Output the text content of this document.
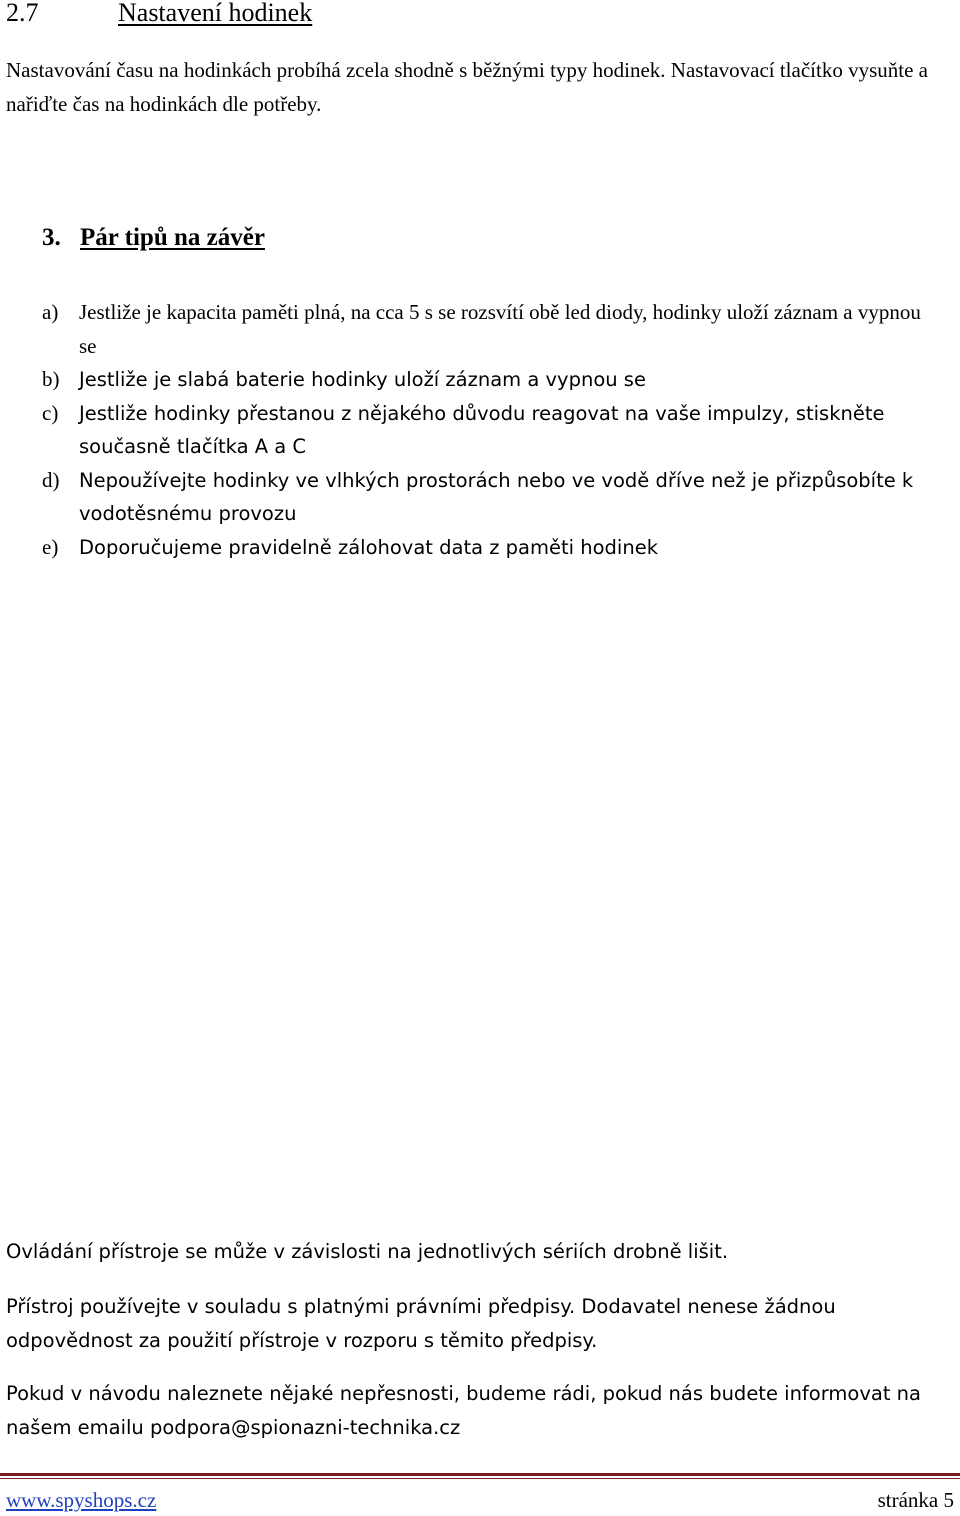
2.7	Nastavení hodinek

Nastavování času na hodinkách probíhá zcela shodně s běžnými typy hodinek. Nastavovací tlačítko vysuňte a nařiďte čas na hodinkách dle potřeby.

3. Pár tipů na závěr
a) Jestliže je kapacita paměti plná, na cca 5 s se rozsvítí obě led diody, hodinky uloží záznam a vypnou se
b) Jestliže je slabá baterie hodinky uloží záznam a vypnou se
c) Jestliže hodinky přestanou z nějakého důvodu reagovat na vaše impulzy, stiskněte současně tlačítka A a C
d) Nepoužívejte hodinky ve vlhkých prostorách nebo ve vodě dříve než je přizpůsobíte k vodotěsnému provozu
e) Doporučujeme pravidelně zálohovat data z paměti hodinek

Ovládání přístroje se může v závislosti na jednotlivých sériích drobně lišit.

Přístroj používejte v souladu s platnými právními předpisy. Dodavatel nenese žádnou odpovědnost za použití přístroje v rozporu s těmito předpisy.

Pokud v návodu naleznete nějaké nepřesnosti, budeme rádi, pokud nás budete informovat na našem emailu podpora@spionazni-technika.cz

www.spyshops.cz	stránka 5
